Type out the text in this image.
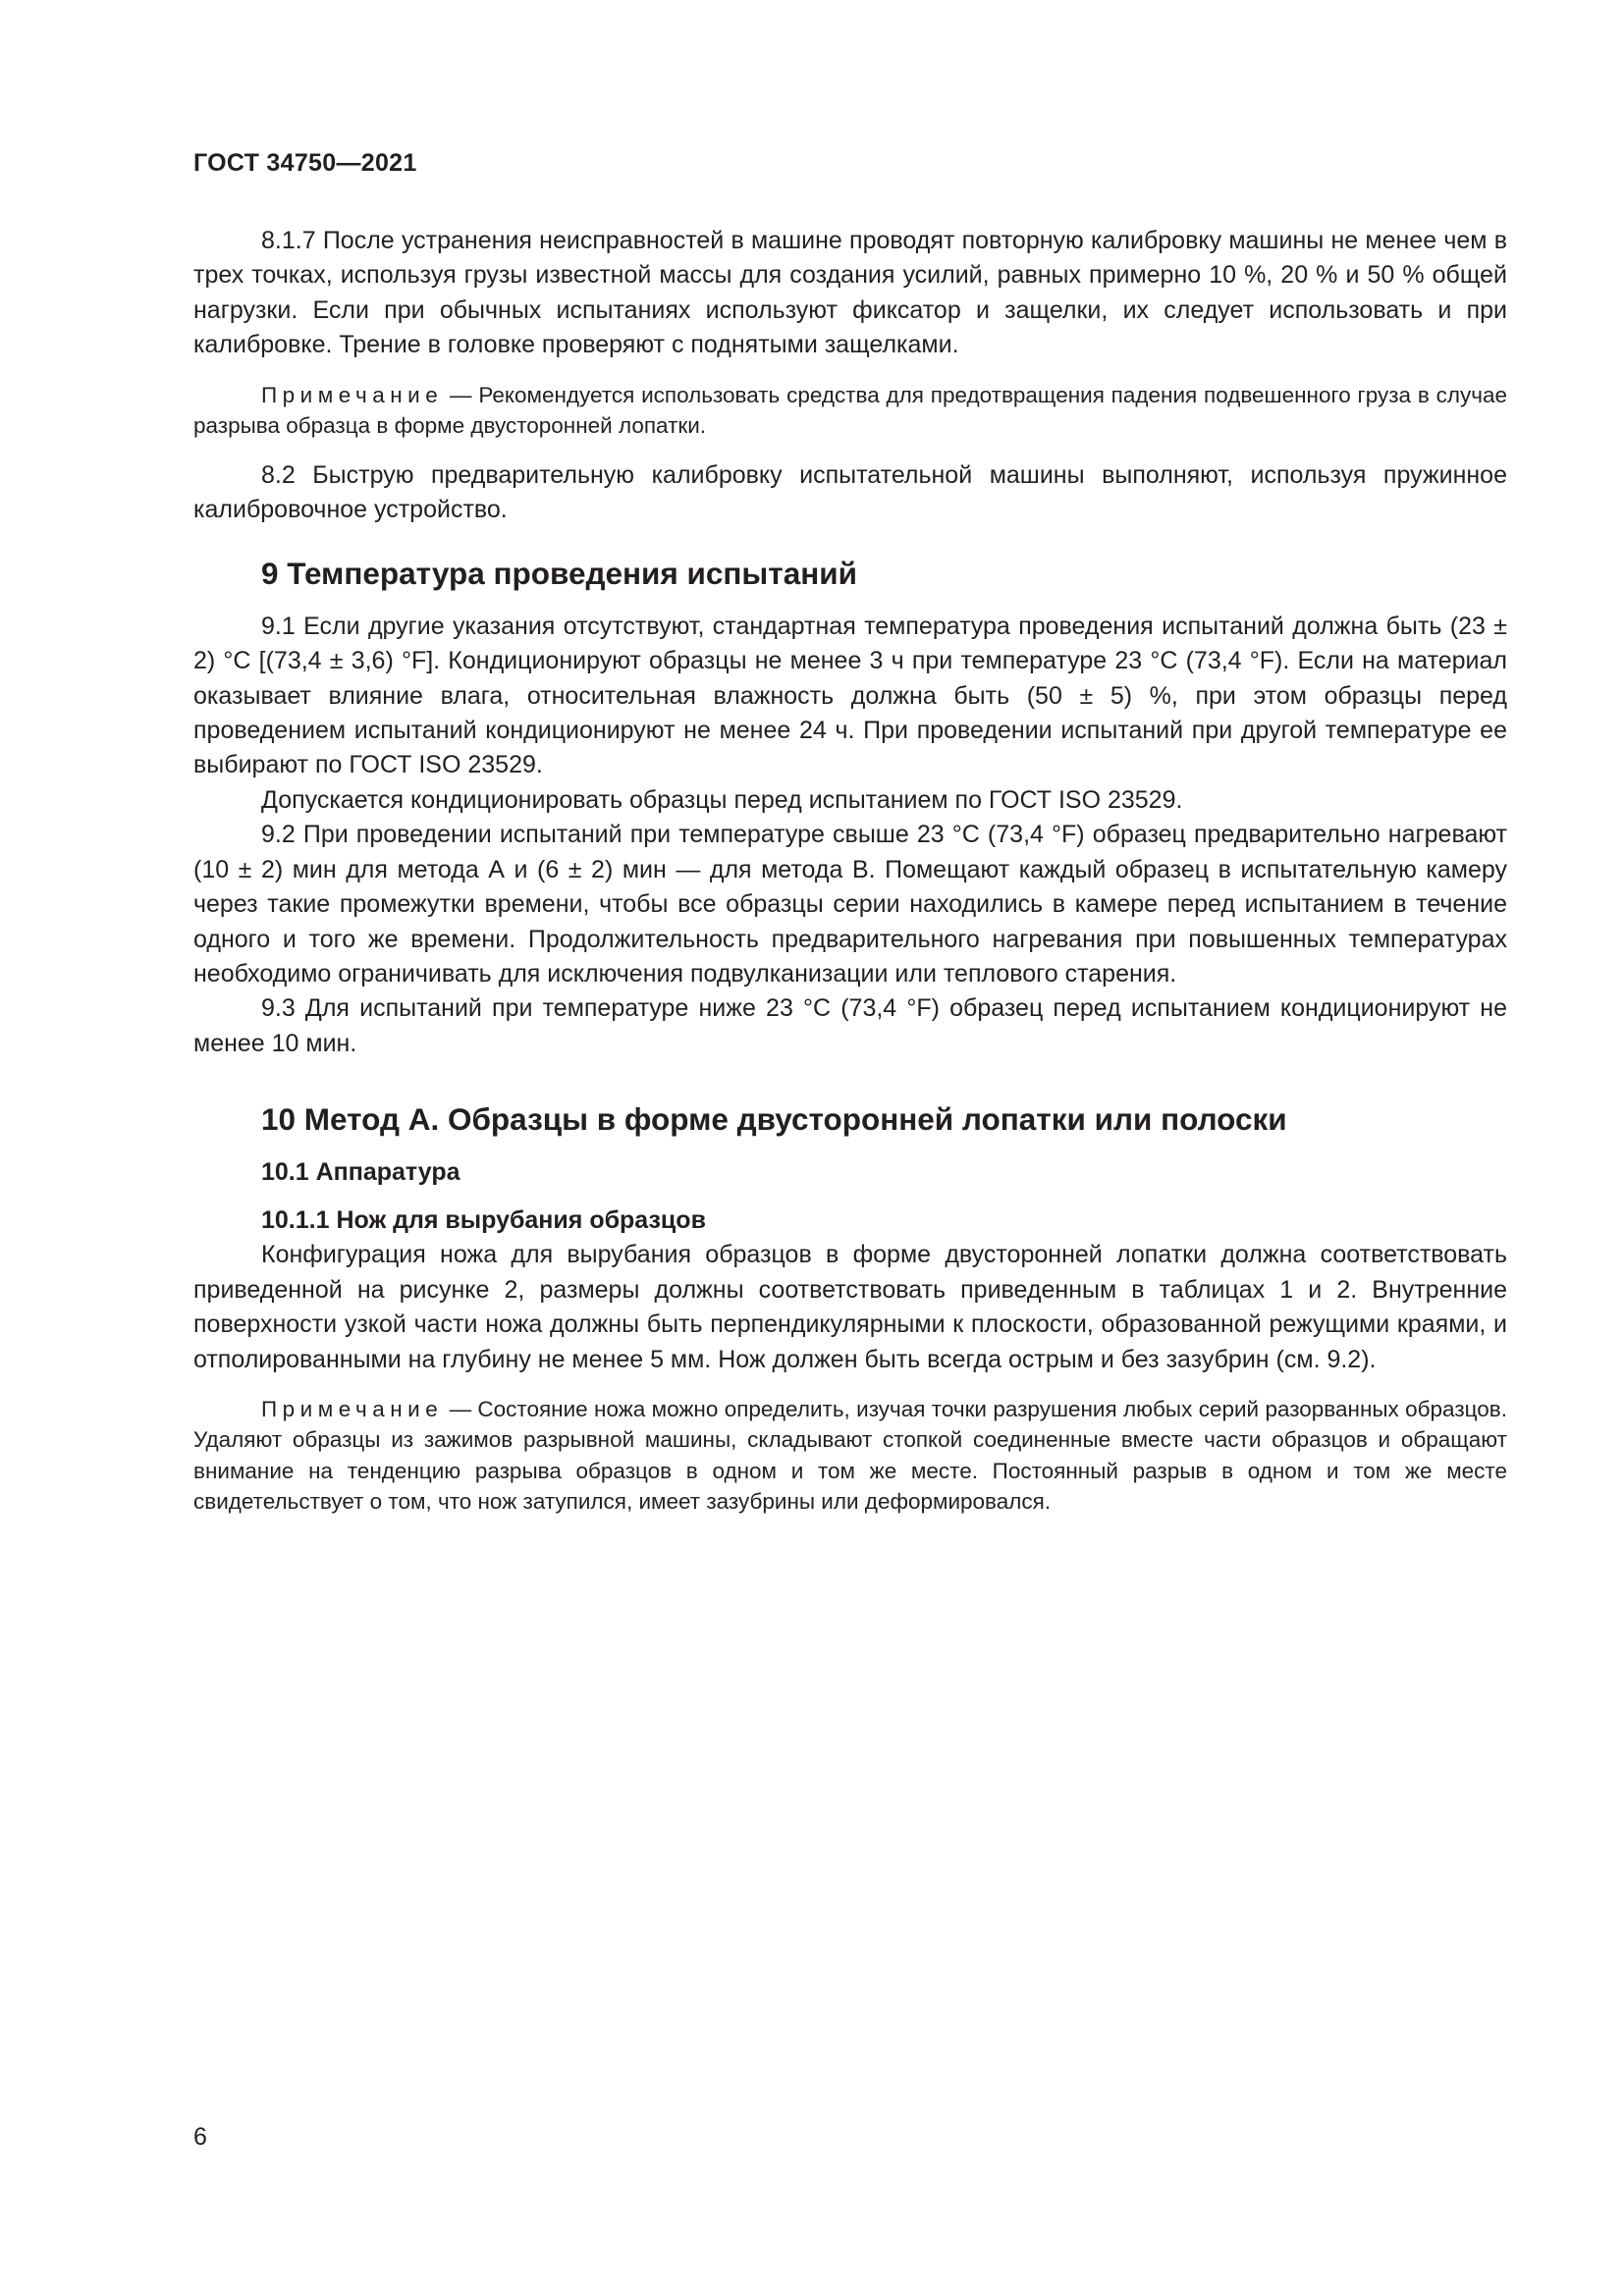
ГОСТ 34750—2021

8.1.7 После устранения неисправностей в машине проводят повторную калибровку машины не менее чем в трех точках, используя грузы известной массы для создания усилий, равных примерно 10 %, 20 % и 50 % общей нагрузки. Если при обычных испытаниях используют фиксатор и защелки, их следует использовать и при калибровке. Трение в головке проверяют с поднятыми защелками.

Примечание — Рекомендуется использовать средства для предотвращения падения подвешенного груза в случае разрыва образца в форме двусторонней лопатки.

8.2 Быструю предварительную калибровку испытательной машины выполняют, используя пружинное калибровочное устройство.

9 Температура проведения испытаний

9.1 Если другие указания отсутствуют, стандартная температура проведения испытаний должна быть (23 ± 2) °С [(73,4 ± 3,6) °F]. Кондиционируют образцы не менее 3 ч при температуре 23 °С (73,4 °F). Если на материал оказывает влияние влага, относительная влажность должна быть (50 ± 5) %, при этом образцы перед проведением испытаний кондиционируют не менее 24 ч. При проведении испытаний при другой температуре ее выбирают по ГОСТ ISO 23529.

Допускается кондиционировать образцы перед испытанием по ГОСТ ISO 23529.

9.2 При проведении испытаний при температуре свыше 23 °С (73,4 °F) образец предварительно нагревают (10 ± 2) мин для метода А и (6 ± 2) мин — для метода В. Помещают каждый образец в испытательную камеру через такие промежутки времени, чтобы все образцы серии находились в камере перед испытанием в течение одного и того же времени. Продолжительность предварительного нагревания при повышенных температурах необходимо ограничивать для исключения подвулканизации или теплового старения.

9.3 Для испытаний при температуре ниже 23 °С (73,4 °F) образец перед испытанием кондиционируют не менее 10 мин.

10 Метод А. Образцы в форме двусторонней лопатки или полоски
10.1 Аппаратура
10.1.1 Нож для вырубания образцов

Конфигурация ножа для вырубания образцов в форме двусторонней лопатки должна соответствовать приведенной на рисунке 2, размеры должны соответствовать приведенным в таблицах 1 и 2. Внутренние поверхности узкой части ножа должны быть перпендикулярными к плоскости, образованной режущими краями, и отполированными на глубину не менее 5 мм. Нож должен быть всегда острым и без зазубрин (см. 9.2).

Примечание — Состояние ножа можно определить, изучая точки разрушения любых серий разорванных образцов. Удаляют образцы из зажимов разрывной машины, складывают стопкой соединенные вместе части образцов и обращают внимание на тенденцию разрыва образцов в одном и том же месте. Постоянный разрыв в одном и том же месте свидетельствует о том, что нож затупился, имеет зазубрины или деформировался.

6
